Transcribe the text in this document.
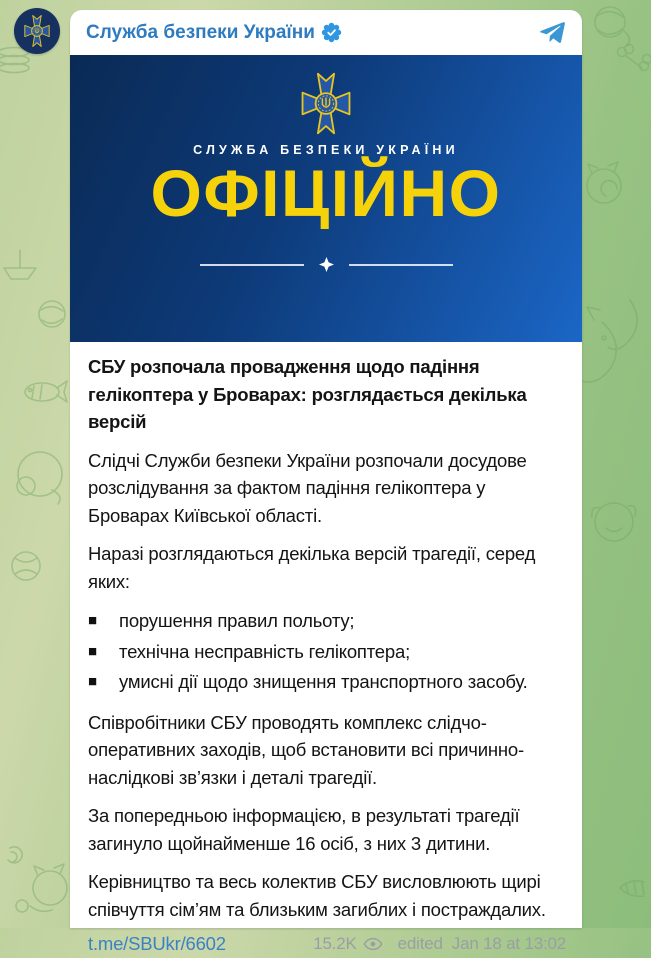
Служба безпеки України
СЛУЖБА БЕЗПЕКИ УКРАЇНИ
ОФІЦІЙНО

СБУ розпочала провадження щодо падіння гелікоптера у Броварах: розглядається декілька версій

Слідчі Служби безпеки України розпочали досудове розслідування за фактом падіння гелікоптера у Броварах Київської області.

Наразі розглядаються декілька версій трагедії, серед яких:

■	порушення правил польоту;
■	технічна несправність гелікоптера;
■	умисні дії щодо знищення транспортного засобу.

Співробітники СБУ проводять комплекс слідчо-оперативних заходів, щоб встановити всі причинно-наслідкові зв’язки і деталі трагедії.

За попередньою інформацією, в результаті трагедії загинуло щойнайменше 16 осіб, з них 3 дитини.

Керівництво та весь колектив СБУ висловлюють щирі співчуття сім’ям та близьким загиблих і постраждалих.

t.me/SBUkr/6602	15.2K edited Jan 18 at 13:02
